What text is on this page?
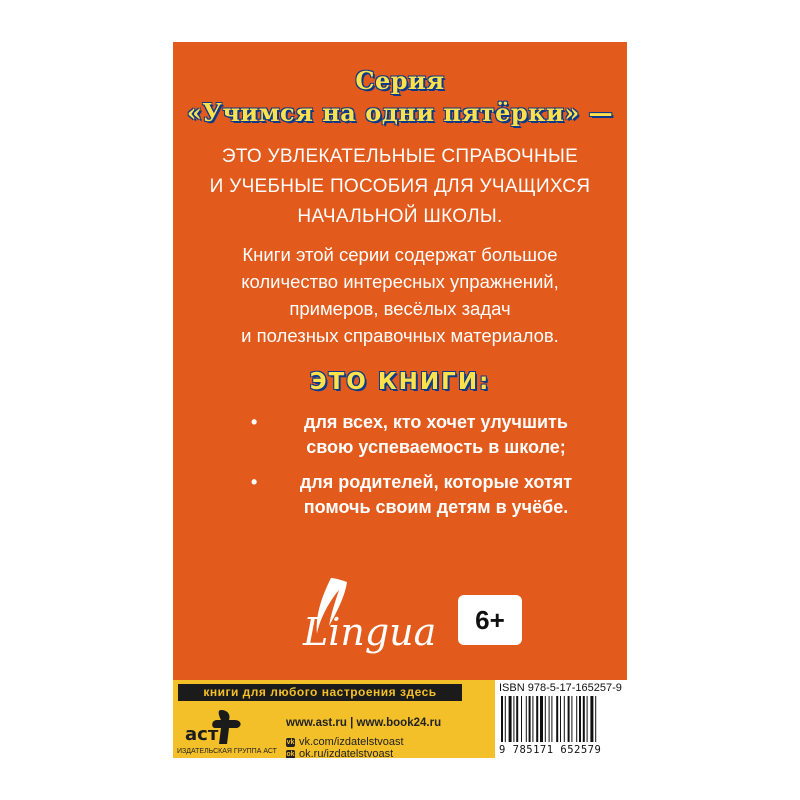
Серия
«Учимся на одни пятёрки» —
ЭТО УВЛЕКАТЕЛЬНЫЕ СПРАВОЧНЫЕ
И УЧЕБНЫЕ ПОСОБИЯ ДЛЯ УЧАЩИХСЯ
НАЧАЛЬНОЙ ШКОЛЫ.
Книги этой серии содержат большое
количество интересных упражнений,
примеров, весёлых задач
и полезных справочных материалов.
ЭТО КНИГИ:
•	для всех, кто хочет улучшить
свою успеваемость в школе;
•	для родителей, которые хотят
помочь своим детям в учёбе.
Lingua	6+
книги для любого настроения здесь
аст
ИЗДАТЕЛЬСКАЯ ГРУППА АСТ
www.ast.ru | www.book24.ru
vk vk.com/izdatelstvoast
ok ok.ru/izdatelstvoast
ISBN 978-5-17-165257-9
9 785171 652579
